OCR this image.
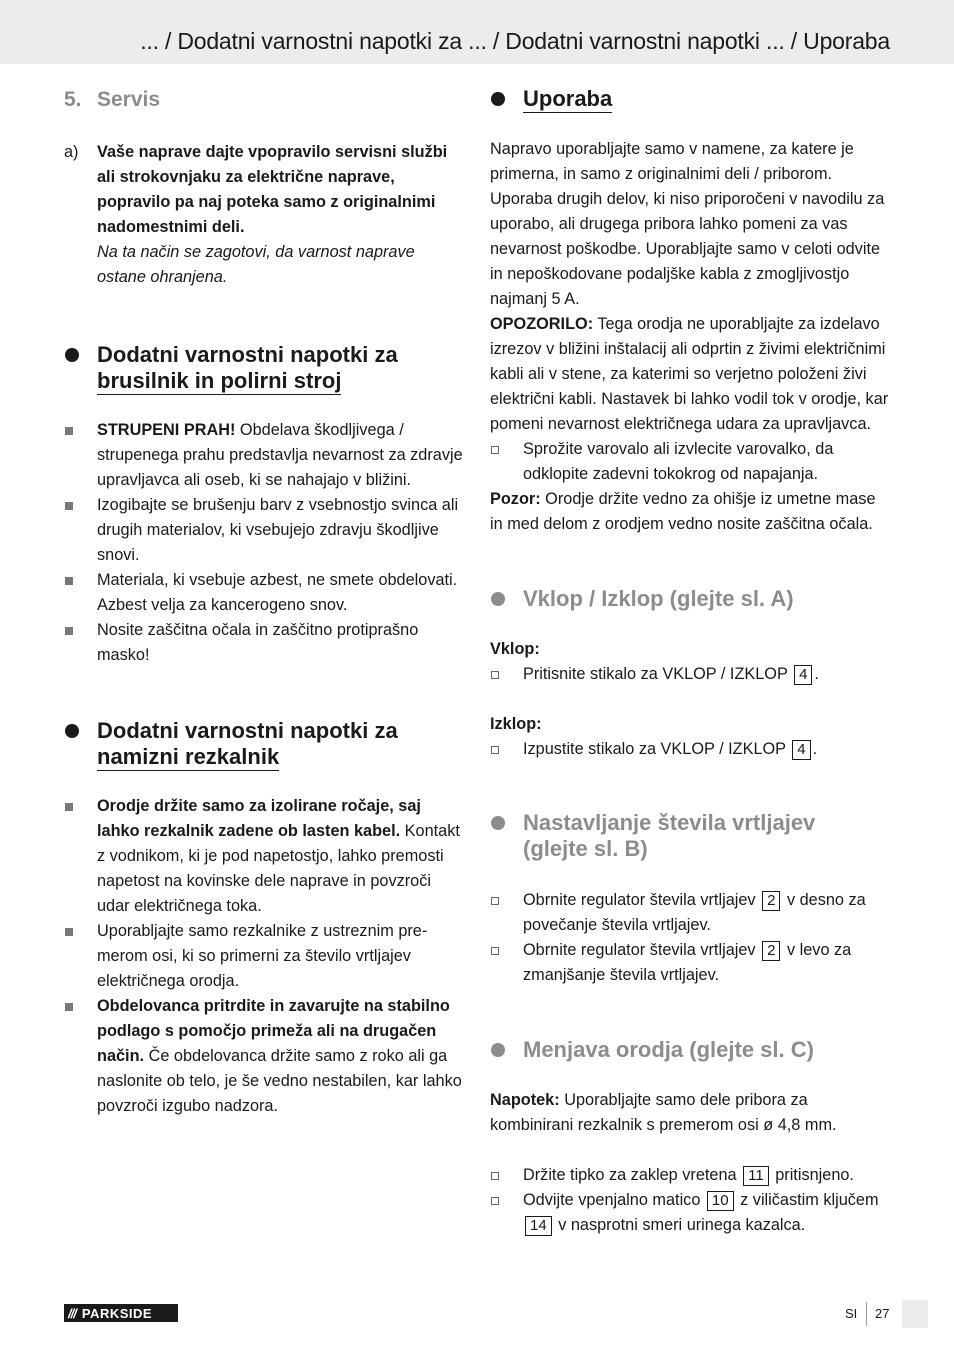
... / Dodatni varnostni napotki za ... / Dodatni varnostni napotki ... / Uporaba
5. Servis
a) Vaše naprave dajte vpopravilo servisni službi ali strokovnjaku za električne naprave, popravilo pa naj poteka samo z originalnimi nadomestnimi deli.

Na ta način se zagotovi, da varnost naprave ostane ohranjena.

Dodatni varnostni napotki za
brusilnik in polirni stroj
STRUPENI PRAH! Obdelava škodljivega / strupenega prahu predstavlja nevarnost za zdravje upravljavca ali oseb, ki se nahajajo v bližini.
Izogibajte se brušenju barv z vsebnostjo svinca ali drugih materialov, ki vsebujejo zdravju škodljive snovi.
Materiala, ki vsebuje azbest, ne smete obdelovati. Azbest velja za kancerogeno snov.
Nosite zaščitna očala in zaščitno protiprašno masko!
Dodatni varnostni napotki za
namizni rezkalnik
Orodje držite samo za izolirane ročaje, saj lahko rezkalnik zadene ob lasten kabel. Kontakt z vodnikom, ki je pod napetostjo, lahko premosti napetost na kovinske dele naprave in povzroči udar električnega toka.
Uporabljajte samo rezkalnike z ustreznim premerom osi, ki so primerni za število vrtljajev električnega orodja.
Obdelovanca pritrdite in zavarujte na stabilno podlago s pomočjo primeža ali na drugačen način. Če obdelovanca držite samo z roko ali ga naslonite ob telo, je še vedno nestabilen, kar lahko povzroči izgubo nadzora.
Uporaba

Napravo uporabljajte samo v namene, za katere je primerna, in samo z originalnimi deli / priborom. Uporaba drugih delov, ki niso priporočeni v navodilu za uporabo, ali drugega pribora lahko pomeni za vas nevarnost poškodbe. Uporabljajte samo v celoti odvite in nepoškodovane podaljške kabla z zmogljivostjo najmanj 5 A.

OPOZORILO: Tega orodja ne uporabljajte za izdelavo izrezov v bližini inštalacij ali odprtin z živimi električnimi kabli ali v stene, za katerimi so verjetno položeni živi električni kabli. Nastavek bi lahko vodil tok v orodje, kar pomeni nevarnost električnega udara za upravljavca.

Sprožite varovalo ali izvlecite varovalko, da odklopite zadevni tokokrog od napajanja.

Pozor: Orodje držite vedno za ohišje iz umetne mase in med delom z orodjem vedno nosite zaščitna očala.

Vklop / Izklop (glejte sl. A)

Vklop:

Pritisnite stikalo za VKLOP / IZKLOP 4 .

Izklop:

Izpustite stikalo za VKLOP / IZKLOP 4 .
Nastavljanje števila vrtljajev
(glejte sl. B)
Obrnite regulator števila vrtljajev 2 v desno za povečanje števila vrtljajev.
Obrnite regulator števila vrtljajev 2 v levo za zmanjšanje števila vrtljajev.
Menjava orodja (glejte sl. C)

Napotek: Uporabljajte samo dele pribora za kombinirani rezkalnik s premerom osi ø 4,8 mm.

Držite tipko za zaklep vretena 11 pritisnjeno.
Odvijte vpenjalno matico 10 z viličastim ključem 14 v nasprotni smeri urinega kazalca.
/// PARKSIDE	SI 27
